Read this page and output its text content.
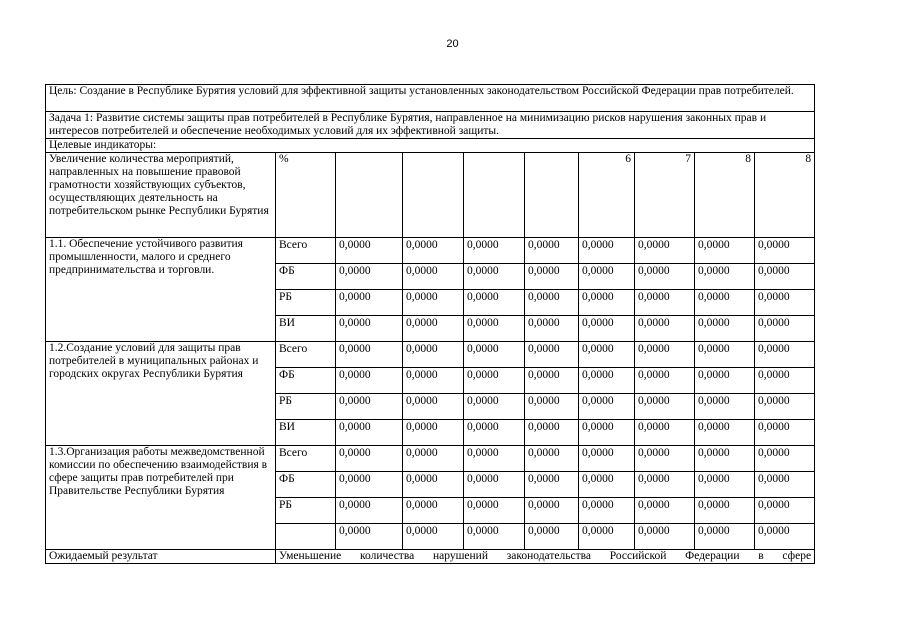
20
Цель: Создание в Республике Бурятия условий для эффективной защиты установленных законодательством Российской Федерации прав потребителей.									
Задача 1: Развитие системы защиты прав потребителей в Республике Бурятия, направленное на минимизацию рисков нарушения законных прав и интересов потребителей и обеспечение необходимых условий для их эффективной защиты.									
Целевые индикаторы:									
Увеличение количества мероприятий, направленных на повышение правовой грамотности хозяйствующих субъектов, осуществляющих деятельность на потребительском рынке Республики Бурятия	%					6	7	8	8
1.1. Обеспечение устойчивого развития промышленности, малого и среднего предпринимательства и торговли.	Всего	0,0000	0,0000	0,0000	0,0000	0,0000	0,0000	0,0000	0,0000
	ФБ	0,0000	0,0000	0,0000	0,0000	0,0000	0,0000	0,0000	0,0000
	РБ	0,0000	0,0000	0,0000	0,0000	0,0000	0,0000	0,0000	0,0000
	ВИ	0,0000	0,0000	0,0000	0,0000	0,0000	0,0000	0,0000	0,0000
1.2.Создание условий для защиты прав потребителей в муниципальных районах и городских округах Республики Бурятия	Всего	0,0000	0,0000	0,0000	0,0000	0,0000	0,0000	0,0000	0,0000
	ФБ	0,0000	0,0000	0,0000	0,0000	0,0000	0,0000	0,0000	0,0000
	РБ	0,0000	0,0000	0,0000	0,0000	0,0000	0,0000	0,0000	0,0000
	ВИ	0,0000	0,0000	0,0000	0,0000	0,0000	0,0000	0,0000	0,0000
1.3.Организация работы межведомственной комиссии по обеспечению взаимодействия в сфере защиты прав потребителей при Правительстве Республики Бурятия	Всего	0,0000	0,0000	0,0000	0,0000	0,0000	0,0000	0,0000	0,0000
	ФБ	0,0000	0,0000	0,0000	0,0000	0,0000	0,0000	0,0000	0,0000
	РБ	0,0000	0,0000	0,0000	0,0000	0,0000	0,0000	0,0000	0,0000
		0,0000	0,0000	0,0000	0,0000	0,0000	0,0000	0,0000	0,0000
Ожидаемый результат	Уменьшение количества нарушений законодательства Российской Федерации в сфере								
